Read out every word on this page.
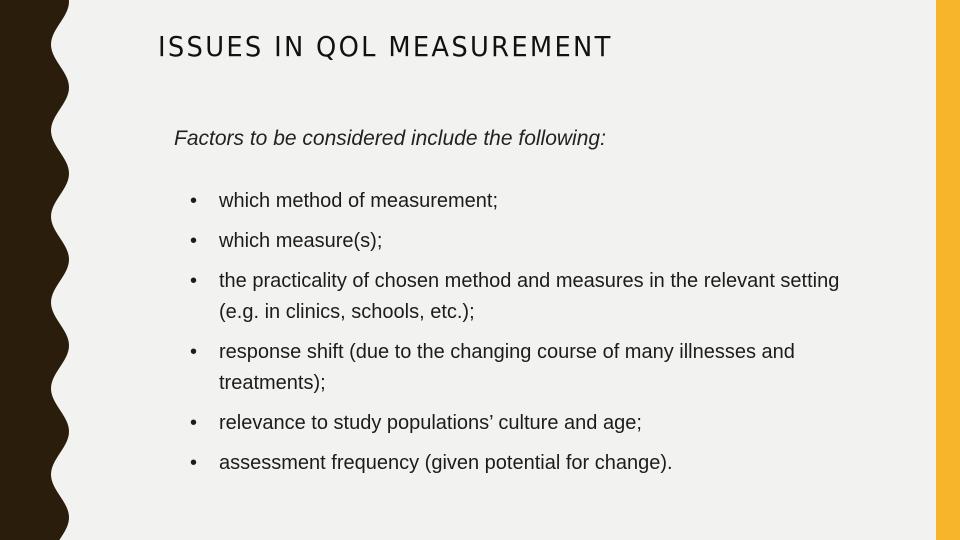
ISSUES IN QOL MEASUREMENT

Factors to be considered include the following:

• which method of measurement;
• which measure(s);
• the practicality of chosen method and measures in the relevant setting (e.g. in clinics, schools, etc.);
• response shift (due to the changing course of many illnesses and treatments);
• relevance to study populations’ culture and age;
• assessment frequency (given potential for change).
